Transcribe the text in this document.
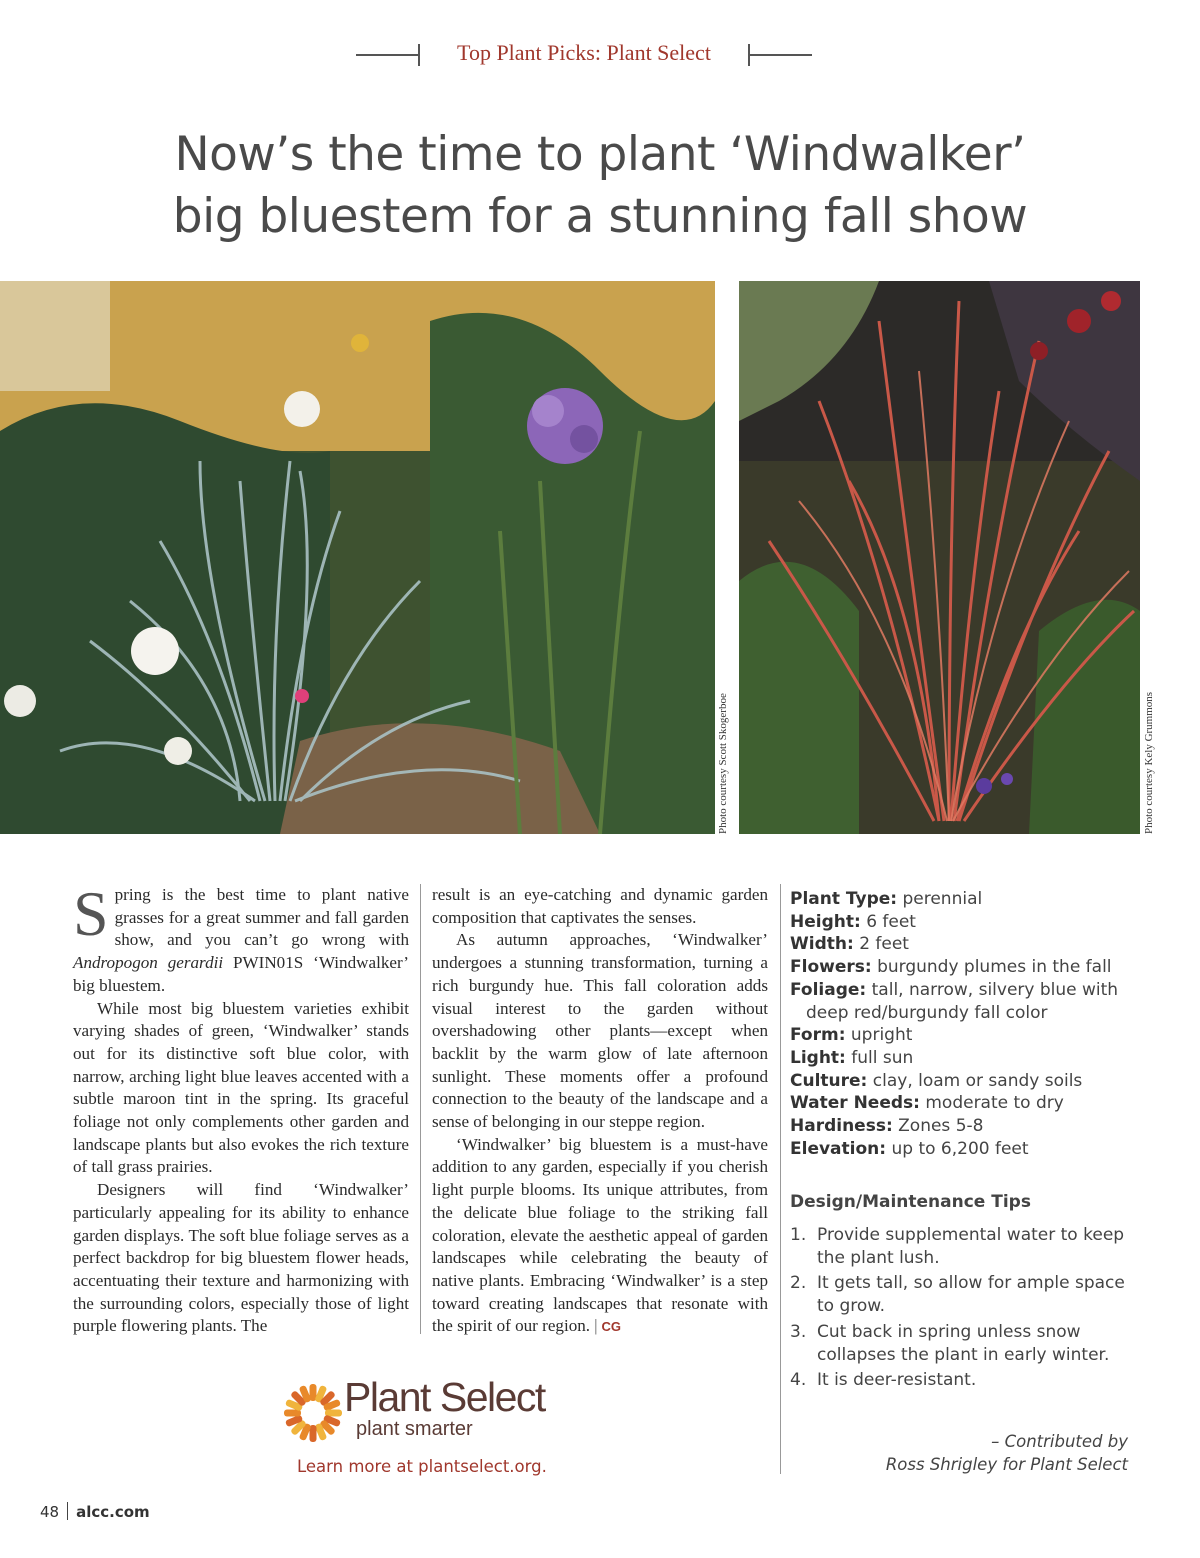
Top Plant Picks: Plant Select
Now’s the time to plant ‘Windwalker’
big bluestem for a stunning fall show
Photo courtesy Scott Skogerboe	Photo courtesy Kely Grummons

Spring is the best time to plant native grasses for a great summer and fall garden show, and you can’t go wrong with Andropogon gerardii PWIN01S ‘Windwalker’ big bluestem.

While most big bluestem varieties exhibit varying shades of green, ‘Windwalker’ stands out for its distinctive soft blue color, with narrow, arching light blue leaves accented with a subtle maroon tint in the spring. Its graceful foliage not only complements other garden and landscape plants but also evokes the rich texture of tall grass prairies.

Designers will find ‘Windwalker’ particularly appealing for its ability to enhance garden displays. The soft blue foliage serves as a perfect backdrop for big bluestem flower heads, accentuating their texture and harmonizing with the surrounding colors, especially those of light purple flowering plants. The

result is an eye-catching and dynamic garden composition that captivates the senses.

As autumn approaches, ‘Windwalker’ undergoes a stunning transformation, turning a rich burgundy hue. This fall coloration adds visual interest to the garden without overshadowing other plants—except when backlit by the warm glow of late afternoon sunlight. These moments offer a profound connection to the beauty of the landscape and a sense of belonging in our steppe region.

‘Windwalker’ big bluestem is a must-have addition to any garden, especially if you cherish light purple blooms. Its unique attributes, from the delicate blue foliage to the striking fall coloration, elevate the aesthetic appeal of garden landscapes while celebrating the beauty of native plants. Embracing ‘Windwalker’ is a step toward creating landscapes that resonate with the spirit of our region. | CG

Plant Type: perennial

Height: 6 feet

Width: 2 feet

Flowers: burgundy plumes in the fall

Foliage: tall, narrow, silvery blue with
deep red/burgundy fall color

Form: upright

Light: full sun

Culture: clay, loam or sandy soils

Water Needs: moderate to dry

Hardiness: Zones 5-8

Elevation: up to 6,200 feet

Design/Maintenance Tips
1. Provide supplemental water to keep the plant lush.
2. It gets tall, so allow for ample space to grow.
3. Cut back in spring unless snow collapses the plant in early winter.
4. It is deer-resistant.
– Contributed by
Ross Shrigley for Plant Select
Plant Select
plant smarter
Learn more at plantselect.org.
48 alcc.com
